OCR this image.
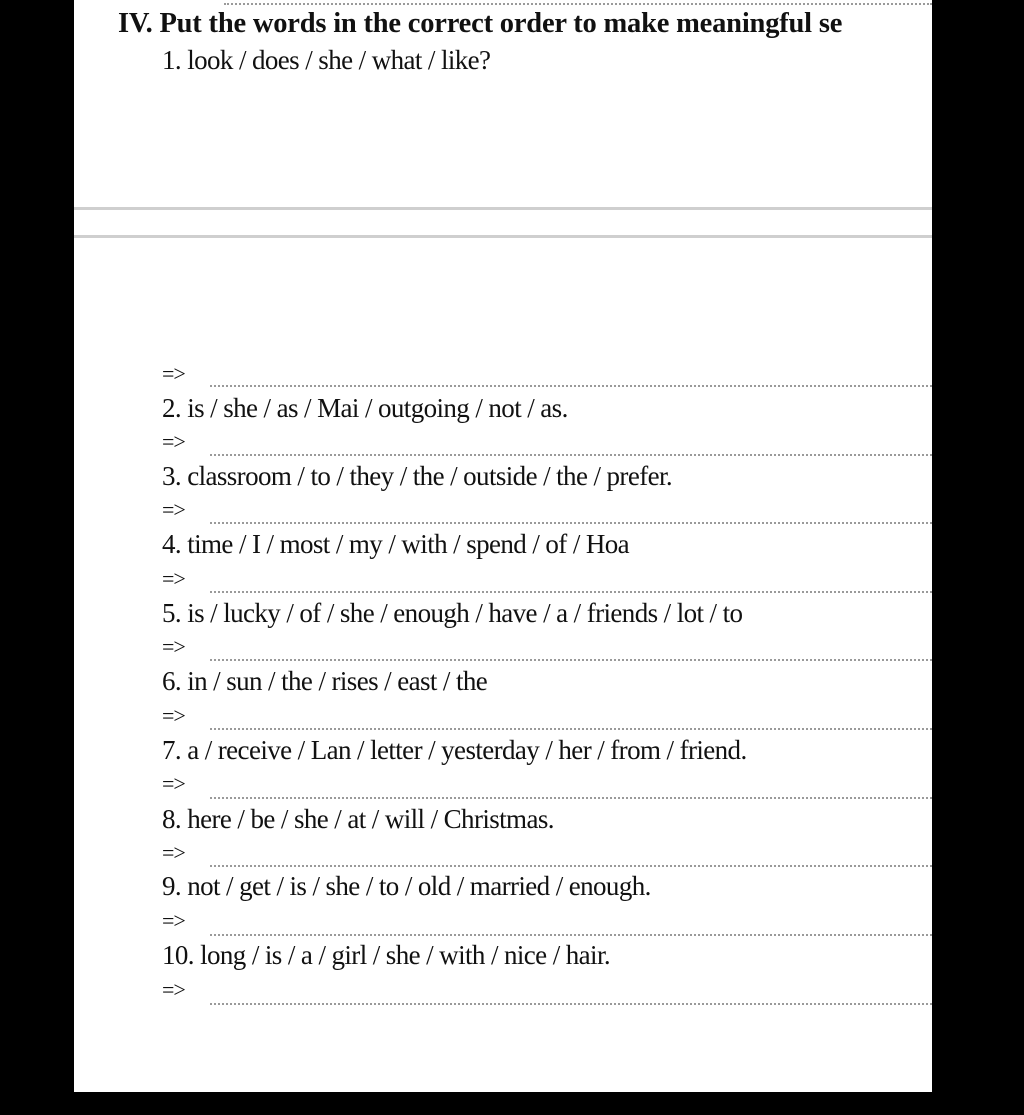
IV. Put the words in the correct order to make meaningful se
1. look / does / she / what / like?
=>
2. is / she / as / Mai / outgoing / not / as.
=>
3. classroom / to / they / the / outside / the / prefer.
=>
4. time / I / most / my / with / spend / of / Hoa
=>
5. is / lucky / of / she / enough / have / a / friends / lot / to
=>
6. in / sun / the / rises / east / the
=>
7. a / receive / Lan / letter / yesterday / her / from / friend.
=>
8. here / be / she / at / will / Christmas.
=>
9. not / get / is / she / to / old / married / enough.
=>
10. long / is / a / girl / she / with / nice / hair.
=>
